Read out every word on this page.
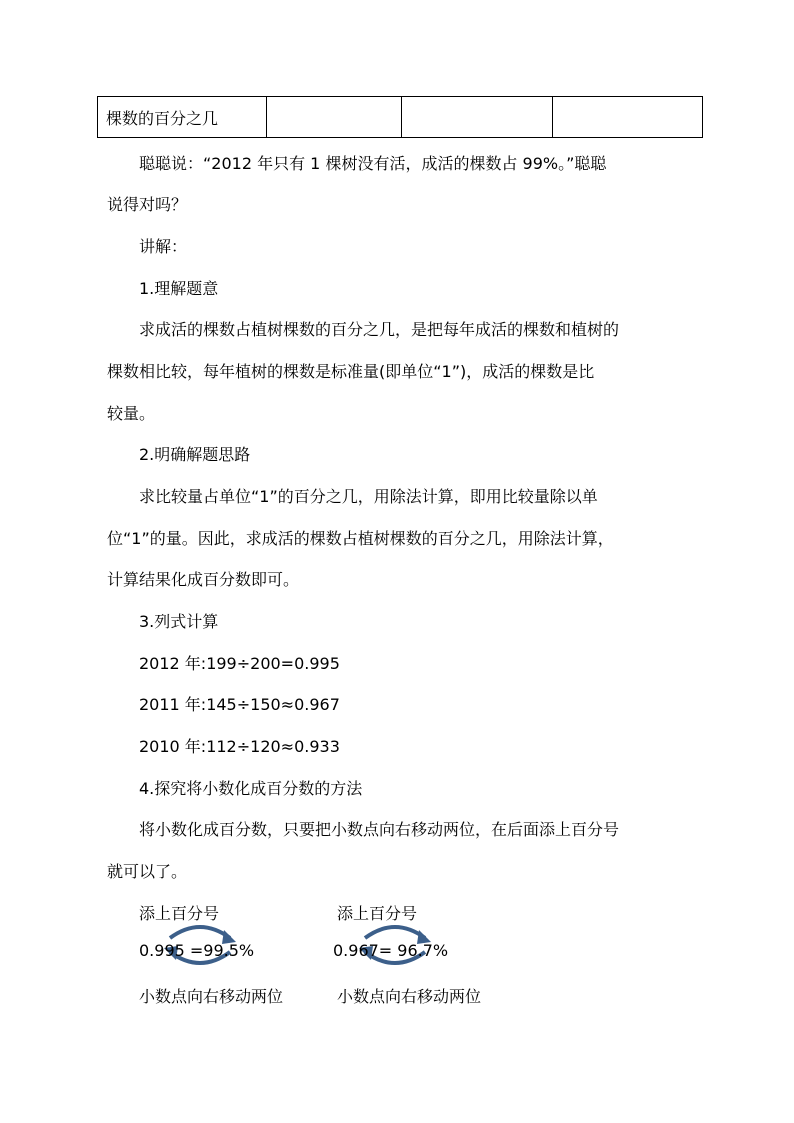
棵数的百分之几			
聪聪说：“2012 年只有 1 棵树没有活，成活的棵数占 99%。”聪聪
说得对吗？
讲解：
1.理解题意
求成活的棵数占植树棵数的百分之几，是把每年成活的棵数和植树的
棵数相比较，每年植树的棵数是标准量(即单位“1”)，成活的棵数是比
较量。
2.明确解题思路
求比较量占单位“1”的百分之几，用除法计算，即用比较量除以单
位“1”的量。因此，求成活的棵数占植树棵数的百分之几，用除法计算，
计算结果化成百分数即可。
3.列式计算
2012 年:199÷200=0.995
2011 年:145÷150≈0.967
2010 年:112÷120≈0.933
4.探究将小数化成百分数的方法
将小数化成百分数，只要把小数点向右移动两位，在后面添上百分号
就可以了。
添上百分号
0.995 =99.5%
小数点向右移动两位
添上百分号
0.967= 96.7%
小数点向右移动两位
